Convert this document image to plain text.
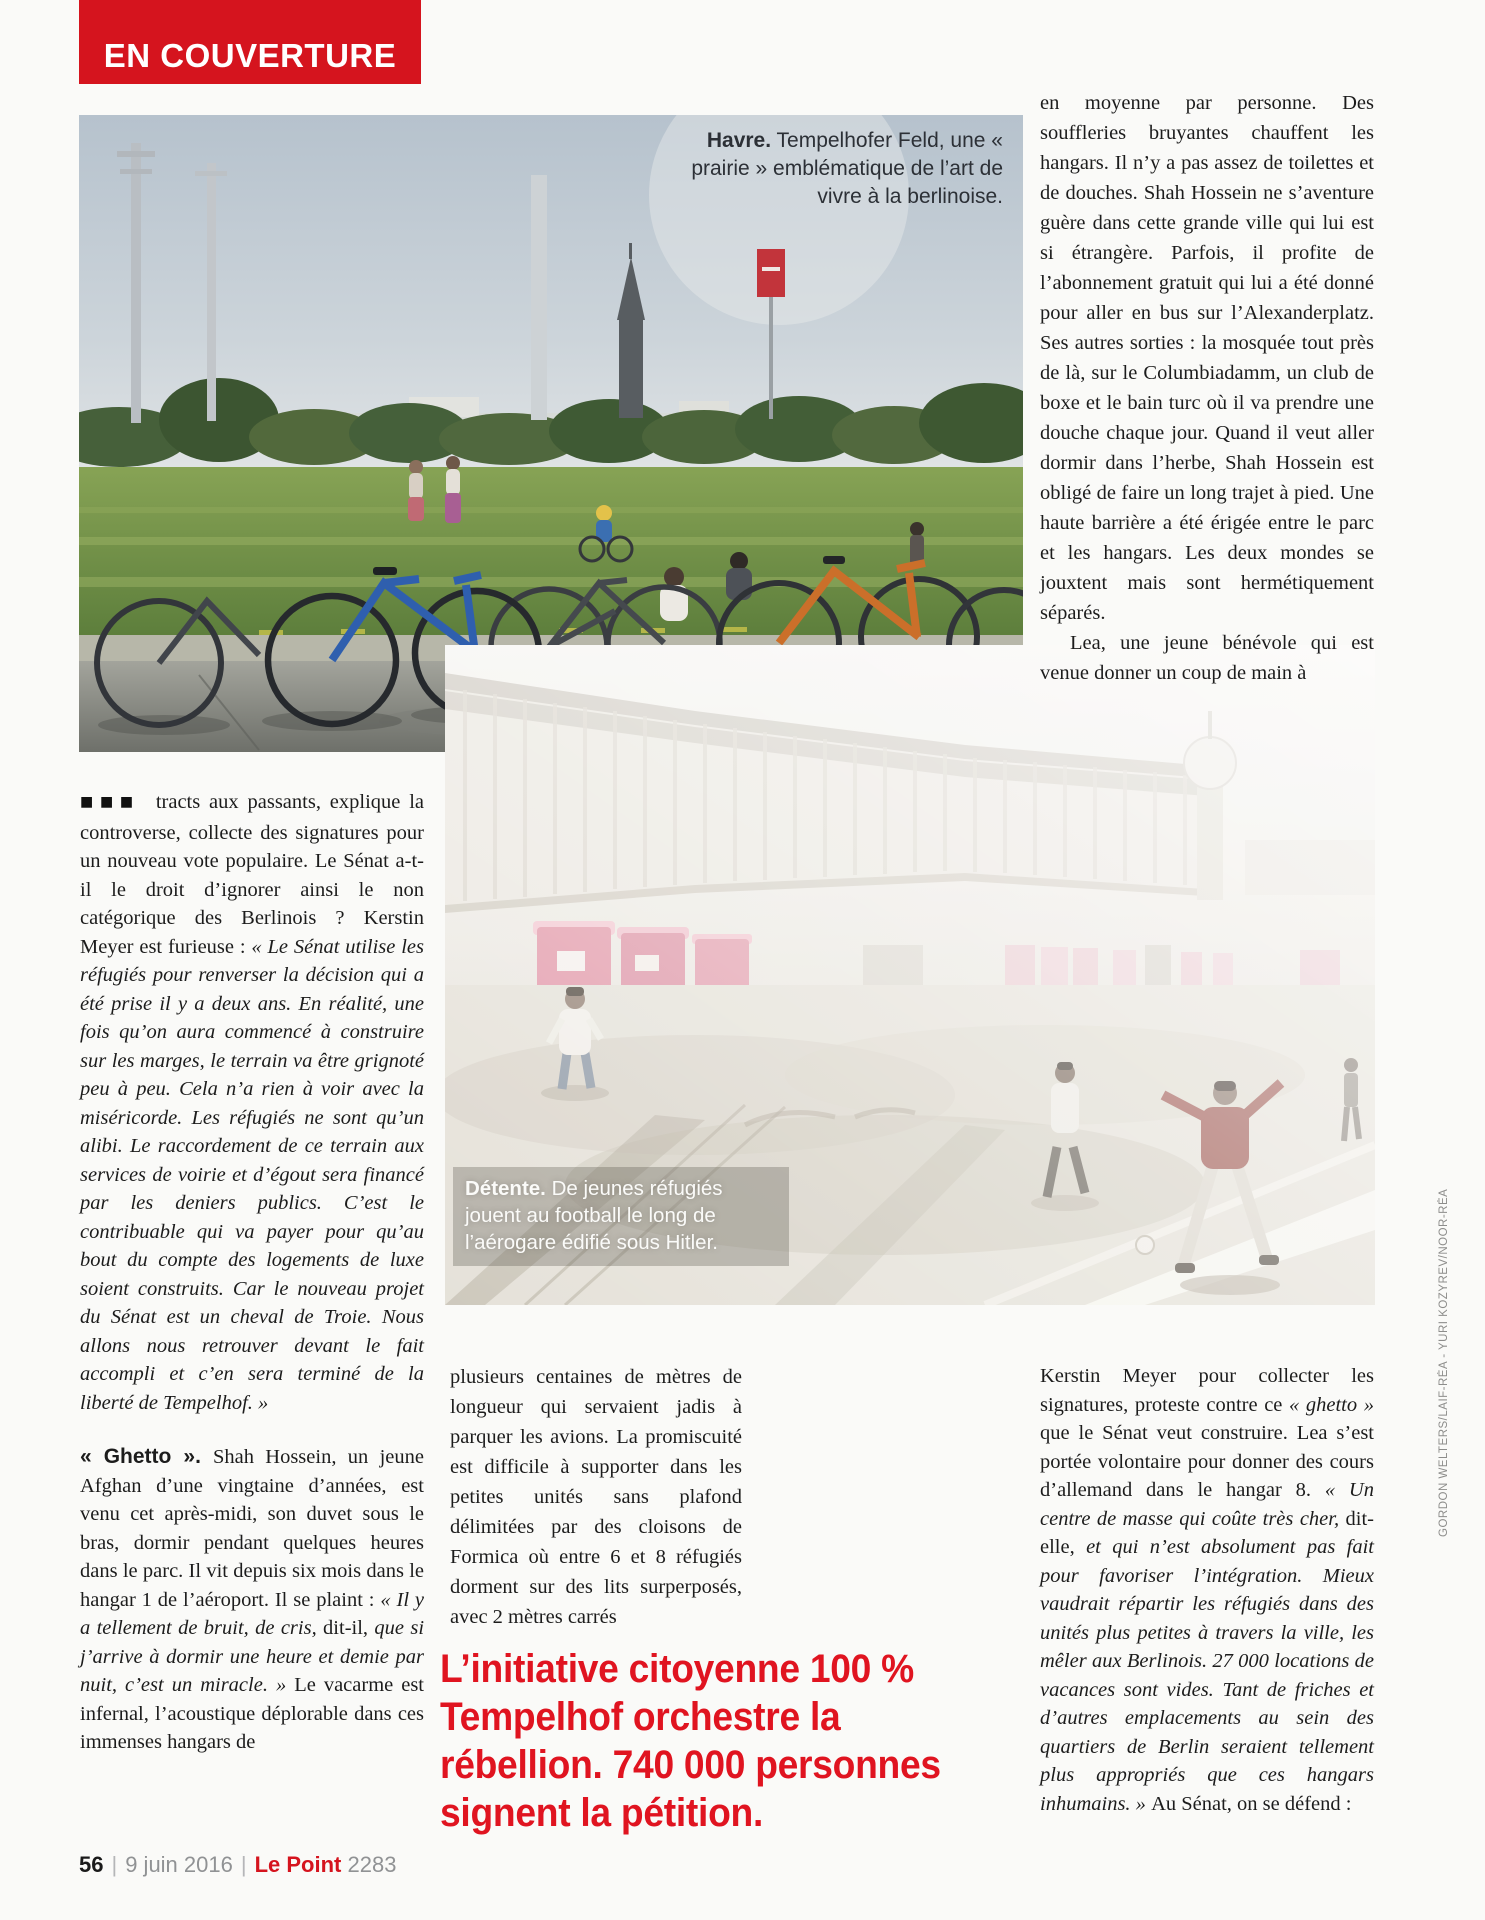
EN COUVERTURE
Havre. Tempelhofer Feld, une « prairie » emblématique de l’art de vivre à la berlinoise.
Détente. De jeunes réfugiés jouent au football le long de l’aérogare édifié sous Hitler.

en moyenne par personne. Des souffleries bruyantes chauffent les hangars. Il n’y a pas assez de toilettes et de douches. Shah Hossein ne s’aventure guère dans cette grande ville qui lui est si étrangère. Parfois, il profite de l’abonnement gratuit qui lui a été donné pour aller en bus sur l’Alexanderplatz. Ses autres sorties : la mosquée tout près de là, sur le Columbiadamm, un club de boxe et le bain turc où il va prendre une douche chaque jour. Quand il veut aller dormir dans l’herbe, Shah Hossein est obligé de faire un long trajet à pied. Une haute barrière a été érigée entre le parc et les hangars. Les deux mondes se jouxtent mais sont hermétiquement séparés.

Lea, une jeune bénévole qui est venue donner un coup de main à

■■■ tracts aux passants, explique la controverse, collecte des signatures pour un nouveau vote populaire. Le Sénat a-t-il le droit d’ignorer ainsi le non catégorique des Berlinois ? Kerstin Meyer est furieuse : « Le Sénat utilise les réfugiés pour renverser la décision qui a été prise il y a deux ans. En réalité, une fois qu’on aura commencé à construire sur les marges, le terrain va être grignoté peu à peu. Cela n’a rien à voir avec la miséricorde. Les réfugiés ne sont qu’un alibi. Le raccordement de ce terrain aux services de voirie et d’égout sera financé par les deniers publics. C’est le contribuable qui va payer pour qu’au bout du compte des logements de luxe soient construits. Car le nouveau projet du Sénat est un cheval de Troie. Nous allons nous retrouver devant le fait accompli et c’en sera terminé de la liberté de Tempelhof. »

« Ghetto ». Shah Hossein, un jeune Afghan d’une vingtaine d’années, est venu cet après-midi, son duvet sous le bras, dormir pendant quelques heures dans le parc. Il vit depuis six mois dans le hangar 1 de l’aéroport. Il se plaint : « Il y a tellement de bruit, de cris, dit-il, que si j’arrive à dormir une heure et demie par nuit, c’est un miracle. » Le vacarme est infernal, l’acoustique déplorable dans ces immenses hangars de

plusieurs centaines de mètres de longueur qui servaient jadis à parquer les avions. La promiscuité est difficile à supporter dans les petites unités sans plafond délimitées par des cloisons de Formica où entre 6 et 8 réfugiés dorment sur des lits surperposés, avec 2 mètres carrés

Kerstin Meyer pour collecter les signatures, proteste contre ce « ghetto » que le Sénat veut construire. Lea s’est portée volontaire pour donner des cours d’allemand dans le hangar 8. « Un centre de masse qui coûte très cher, dit-elle, et qui n’est absolument pas fait pour favoriser l’intégration. Mieux vaudrait répartir les réfugiés dans des unités plus petites à travers la ville, les mêler aux Berlinois. 27 000 locations de vacances sont vides. Tant de friches et d’autres emplacements au sein des quartiers de Berlin seraient tellement plus appropriés que ces hangars inhumains. » Au Sénat, on se défend :

L’initiative citoyenne 100 %
Tempelhof orchestre la
rébellion. 740 000 personnes
signent la pétition.
GORDON WELTERS/LAIF-RÉA - YURI KOZYREV/NOOR-RÉA
56 | 9 juin 2016 | Le Point 2283
